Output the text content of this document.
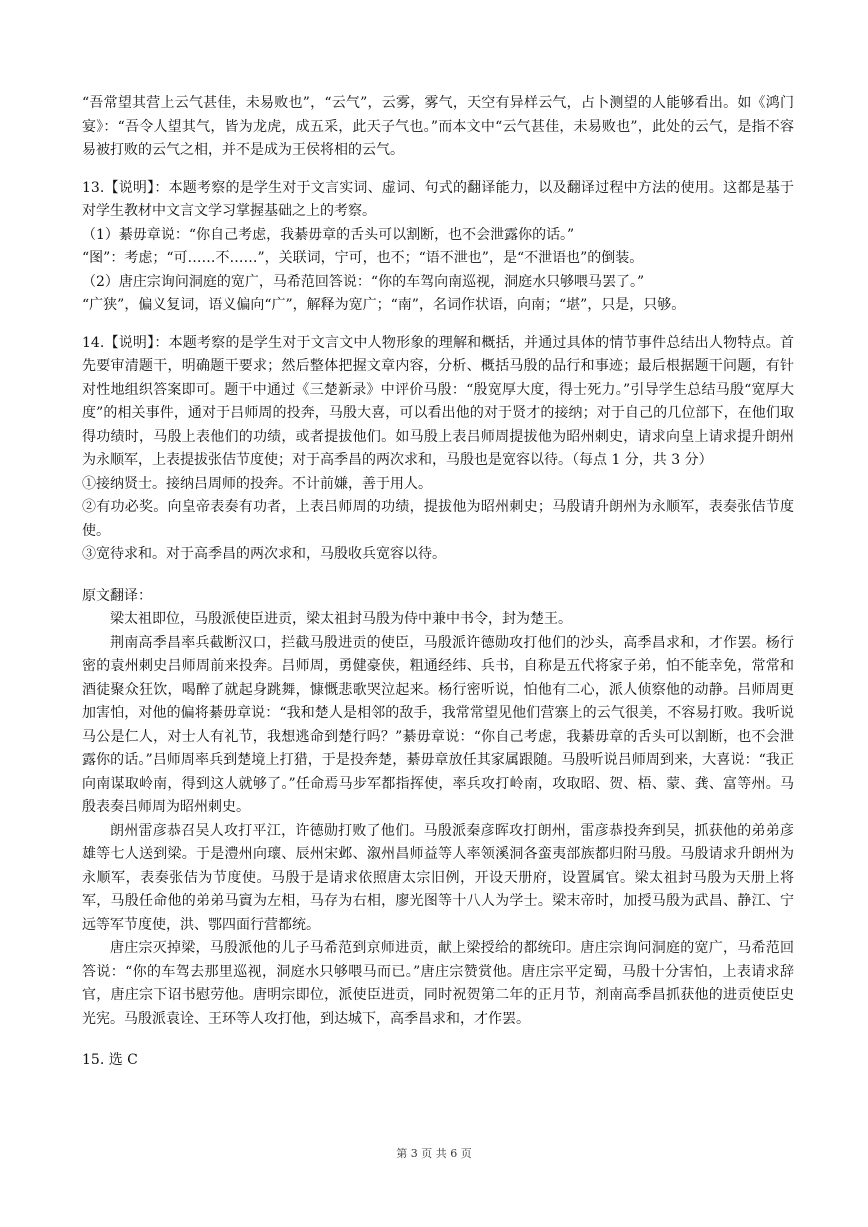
“吾常望其营上云气甚佳，未易败也”，“云气”，云雾，雾气，天空有异样云气，占卜测望的人能够看出。如《鸿门宴》：“吾令人望其气，皆为龙虎，成五采，此天子气也。”而本文中“云气甚佳，未易败也”，此处的云气，是指不容易被打败的云气之相，并不是成为王侯将相的云气。

13.【说明】：本题考察的是学生对于文言实词、虚词、句式的翻译能力，以及翻译过程中方法的使用。这都是基于对学生教材中文言文学习掌握基础之上的考察。

（1）綦毋章说：“你自己考虑，我綦毋章的舌头可以割断，也不会泄露你的话。”

“图”：考虑；“可……不……”，关联词，宁可，也不；“语不泄也”，是“不泄语也”的倒装。

（2）唐庄宗询问洞庭的宽广，马希范回答说：“你的车驾向南巡视，洞庭水只够喂马罢了。”

“广狭”，偏义复词，语义偏向“广”，解释为宽广；“南”，名词作状语，向南；“堪”，只是，只够。

14.【说明】：本题考察的是学生对于文言文中人物形象的理解和概括，并通过具体的情节事件总结出人物特点。首先要审清题干，明确题干要求；然后整体把握文章内容，分析、概括马殷的品行和事迹；最后根据题干问题，有针对性地组织答案即可。题干中通过《三楚新录》中评价马殷：“殷宽厚大度，得士死力。”引导学生总结马殷“宽厚大度”的相关事件，通对于吕师周的投奔，马殷大喜，可以看出他的对于贤才的接纳；对于自己的几位部下，在他们取得功绩时，马殷上表他们的功绩，或者提拔他们。如马殷上表吕师周提拔他为昭州刺史，请求向皇上请求提升朗州为永顺军，上表提拔张佶节度使；对于高季昌的两次求和，马殷也是宽容以待。（每点 1 分，共 3 分）

①接纳贤士。接纳吕周师的投奔。不计前嫌，善于用人。

②有功必奖。向皇帝表奏有功者，上表吕师周的功绩，提拔他为昭州刺史；马殷请升朗州为永顺军，表奏张佶节度使。

③宽待求和。对于高季昌的两次求和，马殷收兵宽容以待。

原文翻译：

梁太祖即位，马殷派使臣进贡，梁太祖封马殷为侍中兼中书令，封为楚王。

荆南高季昌率兵截断汉口，拦截马殷进贡的使臣，马殷派许德勋攻打他们的沙头，高季昌求和，才作罢。杨行密的袁州刺史吕师周前来投奔。吕师周，勇健豪侠，粗通经纬、兵书，自称是五代将家子弟，怕不能幸免，常常和酒徒聚众狂饮，喝醉了就起身跳舞，慷慨悲歌哭泣起来。杨行密听说，怕他有二心，派人侦察他的动静。吕师周更加害怕，对他的偏将綦毋章说：“我和楚人是相邻的敌手，我常常望见他们营寨上的云气很美，不容易打败。我听说马公是仁人，对士人有礼节，我想逃命到楚行吗？”綦毋章说：“你自己考虑，我綦毋章的舌头可以割断，也不会泄露你的话。”吕师周率兵到楚境上打猎，于是投奔楚，綦毋章放任其家属跟随。马殷听说吕师周到来，大喜说：“我正向南谋取岭南，得到这人就够了。”任命焉马步军都指挥使，率兵攻打岭南，攻取昭、贺、梧、蒙、龚、富等州。马殷表奏吕师周为昭州刺史。

朗州雷彦恭召吴人攻打平江，许德勋打败了他们。马殷派秦彦晖攻打朗州，雷彦恭投奔到吴，抓获他的弟弟彦雄等七人送到梁。于是澧州向瓌、辰州宋邺、溆州昌师益等人率领溪洞各蛮夷部族都归附马殷。马殷请求升朗州为永顺军，表奏张佶为节度使。马殷于是请求依照唐太宗旧例，开设天册府，设置属官。梁太祖封马殷为天册上将军，马殷任命他的弟弟马賨为左相，马存为右相，廖光图等十八人为学士。梁末帝时，加授马殷为武昌、静江、宁远等军节度使，洪、鄂四面行营都统。

唐庄宗灭掉梁，马殷派他的儿子马希范到京师进贡，献上梁授给的都统印。唐庄宗询问洞庭的宽广，马希范回答说：“你的车驾去那里巡视，洞庭水只够喂马而已。”唐庄宗赞赏他。唐庄宗平定蜀，马殷十分害怕，上表请求辞官，唐庄宗下诏书慰劳他。唐明宗即位，派使臣进贡，同时祝贺第二年的正月节，剂南高季昌抓获他的进贡使臣史光宪。马殷派袁诠、王环等人攻打他，到达城下，高季昌求和，才作罢。

15. 选 C

第 3 页 共 6 页
